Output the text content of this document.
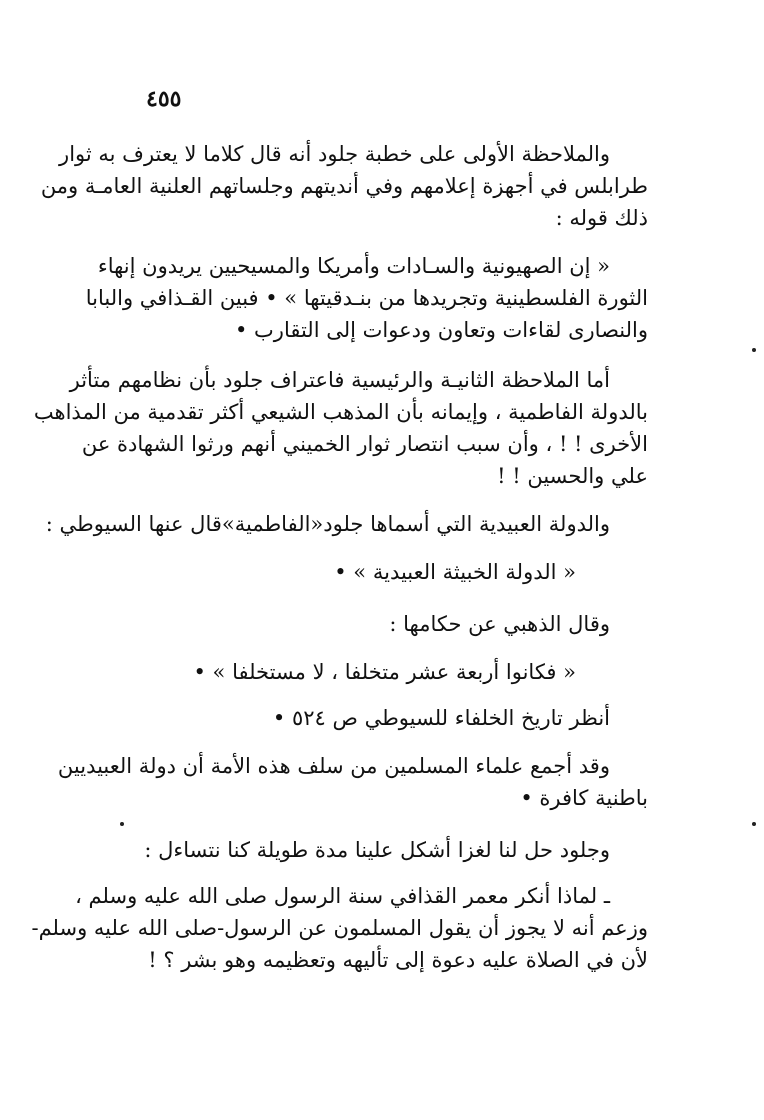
٤٥٥
والملاحظة الأولى على خطبة جلود أنه قال كلاما لا يعترف به ثوار
طرابلس في أجهزة إعلامهم وفي أنديتهم وجلساتهم العلنية العامـة ومن
ذلك قوله :
« إن الصهيونية والسـادات وأمريكا والمسيحيين يريدون إنهاء
الثورة الفلسطينية وتجريدها من بنـدقيتها » • فبين القـذافي والبابا
والنصارى لقاءات وتعاون ودعوات إلى التقارب •
أما الملاحظة الثانيـة والرئيسية فاعتراف جلود بأن نظامهم متأثر
بالدولة الفاطمية ، وإيمانه بأن المذهب الشيعي أكثر تقدمية من المذاهب
الأخرى ! ! ، وأن سبب انتصار ثوار الخميني أنهم ورثوا الشهادة عن
علي والحسين ! !
والدولة العبيدية التي أسماها جلود«الفاطمية»قال عنها السيوطي :
« الدولة الخبيثة العبيدية » •
وقال الذهبي عن حكامها :
« فكانوا أربعة عشر متخلفا ، لا مستخلفا » •
أنظر تاريخ الخلفاء للسيوطي ص ٥٢٤ •
وقد أجمع علماء المسلمين من سلف هذه الأمة أن دولة العبيديين
باطنية كافرة •
وجلود حل لنا لغزا أشكل علينا مدة طويلة كنا نتساءل :
ـ لماذا أنكر معمر القذافي سنة الرسول صلى الله عليه وسلم ،
وزعم أنه لا يجوز أن يقول المسلمون عن الرسول-صلى الله عليه وسلم-
لأن في الصلاة عليه دعوة إلى تأليهه وتعظيمه وهو بشر ؟ !
